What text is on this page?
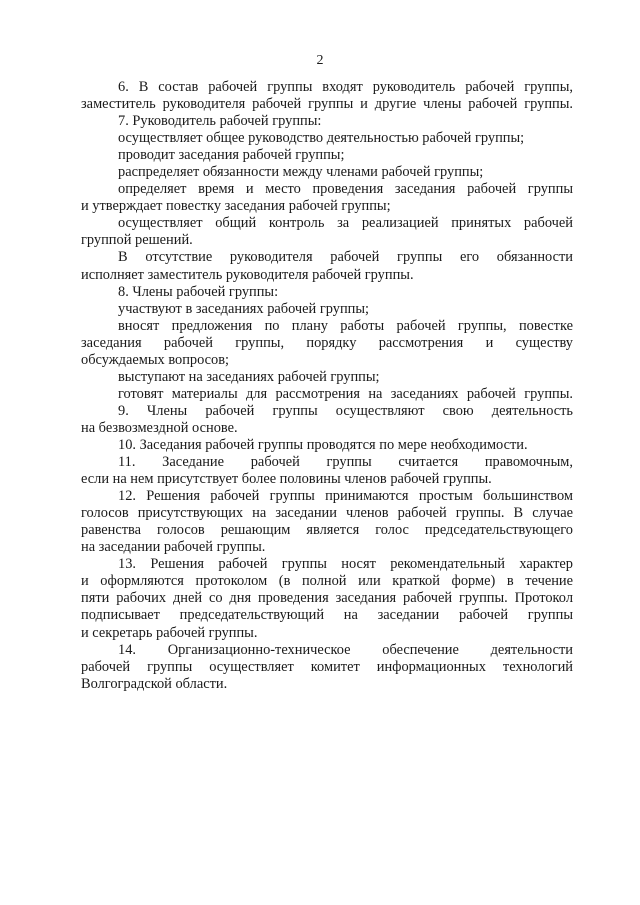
2
6. В состав рабочей группы входят руководитель рабочей группы,
заместитель руководителя рабочей группы и другие члены рабочей группы.
7. Руководитель рабочей группы:
осуществляет общее руководство деятельностью рабочей группы;
проводит заседания рабочей группы;
распределяет обязанности между членами рабочей группы;
определяет время и место проведения заседания рабочей группы
и утверждает повестку заседания рабочей группы;
осуществляет общий контроль за реализацией принятых рабочей
группой решений.
В отсутствие руководителя рабочей группы его обязанности
исполняет заместитель руководителя рабочей группы.
8. Члены рабочей группы:
участвуют в заседаниях рабочей группы;
вносят предложения по плану работы рабочей группы, повестке
заседания рабочей группы, порядку рассмотрения и существу
обсуждаемых вопросов;
выступают на заседаниях рабочей группы;
готовят материалы для рассмотрения на заседаниях рабочей группы.
9. Члены рабочей группы осуществляют свою деятельность
на безвозмездной основе.
10. Заседания рабочей группы проводятся по мере необходимости.
11. Заседание рабочей группы считается правомочным,
если на нем присутствует более половины членов рабочей группы.
12. Решения рабочей группы принимаются простым большинством
голосов присутствующих на заседании членов рабочей группы. В случае
равенства голосов решающим является голос председательствующего
на заседании рабочей группы.
13. Решения рабочей группы носят рекомендательный характер
и оформляются протоколом (в полной или краткой форме) в течение
пяти рабочих дней со дня проведения заседания рабочей группы. Протокол
подписывает председательствующий на заседании рабочей группы
и секретарь рабочей группы.
14. Организационно-техническое обеспечение деятельности
рабочей группы осуществляет комитет информационных технологий
Волгоградской области.
